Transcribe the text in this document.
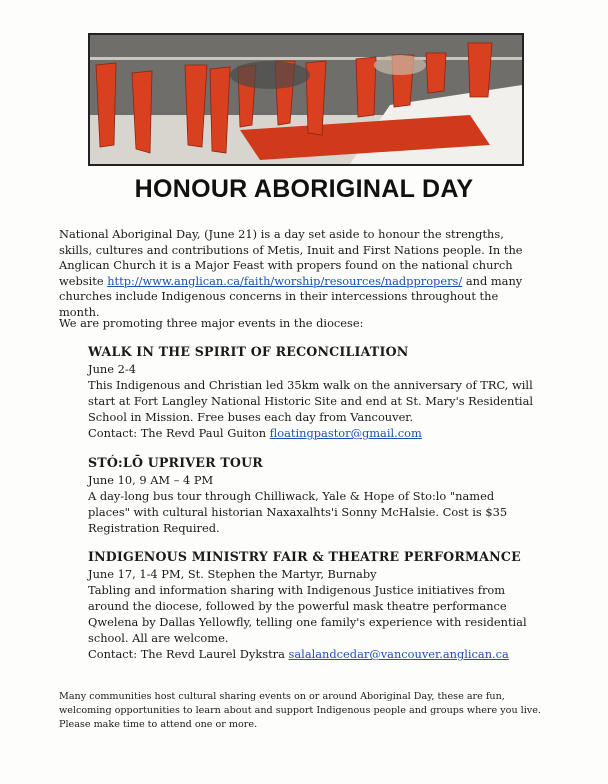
HONOUR ABORIGINAL DAY

National Aboriginal Day, (June 21) is a day set aside to honour the strengths, skills, cultures and contributions of Metis, Inuit and First Nations people. In the Anglican Church it is a Major Feast with propers found on the national church website http://www.anglican.ca/faith/worship/resources/nadppropers/ and many churches include Indigenous concerns in their intercessions throughout the month.

We are promoting three major events in the diocese:

WALK IN THE SPIRIT OF RECONCILIATION

June 2-4

This Indigenous and Christian led 35km walk on the anniversary of TRC, will start at Fort Langley National Historic Site and end at St. Mary's Residential School in Mission. Free buses each day from Vancouver.

Contact: The Revd Paul Guiton floatingpastor@gmail.com

STÓ:LŌ UPRIVER TOUR

June 10, 9 AM – 4 PM

A day-long bus tour through Chilliwack, Yale & Hope of Sto:lo "named places" with cultural historian Naxaxalhts'i Sonny McHalsie. Cost is $35 Registration Required.

INDIGENOUS MINISTRY FAIR & THEATRE PERFORMANCE

June 17, 1-4 PM, St. Stephen the Martyr, Burnaby

Tabling and information sharing with Indigenous Justice initiatives from around the diocese, followed by the powerful mask theatre performance Qwelena by Dallas Yellowfly, telling one family's experience with residential school. All are welcome.

Contact: The Revd Laurel Dykstra salalandcedar@vancouver.anglican.ca

Many communities host cultural sharing events on or around Aboriginal Day, these are fun, welcoming opportunities to learn about and support Indigenous people and groups where you live. Please make time to attend one or more.
